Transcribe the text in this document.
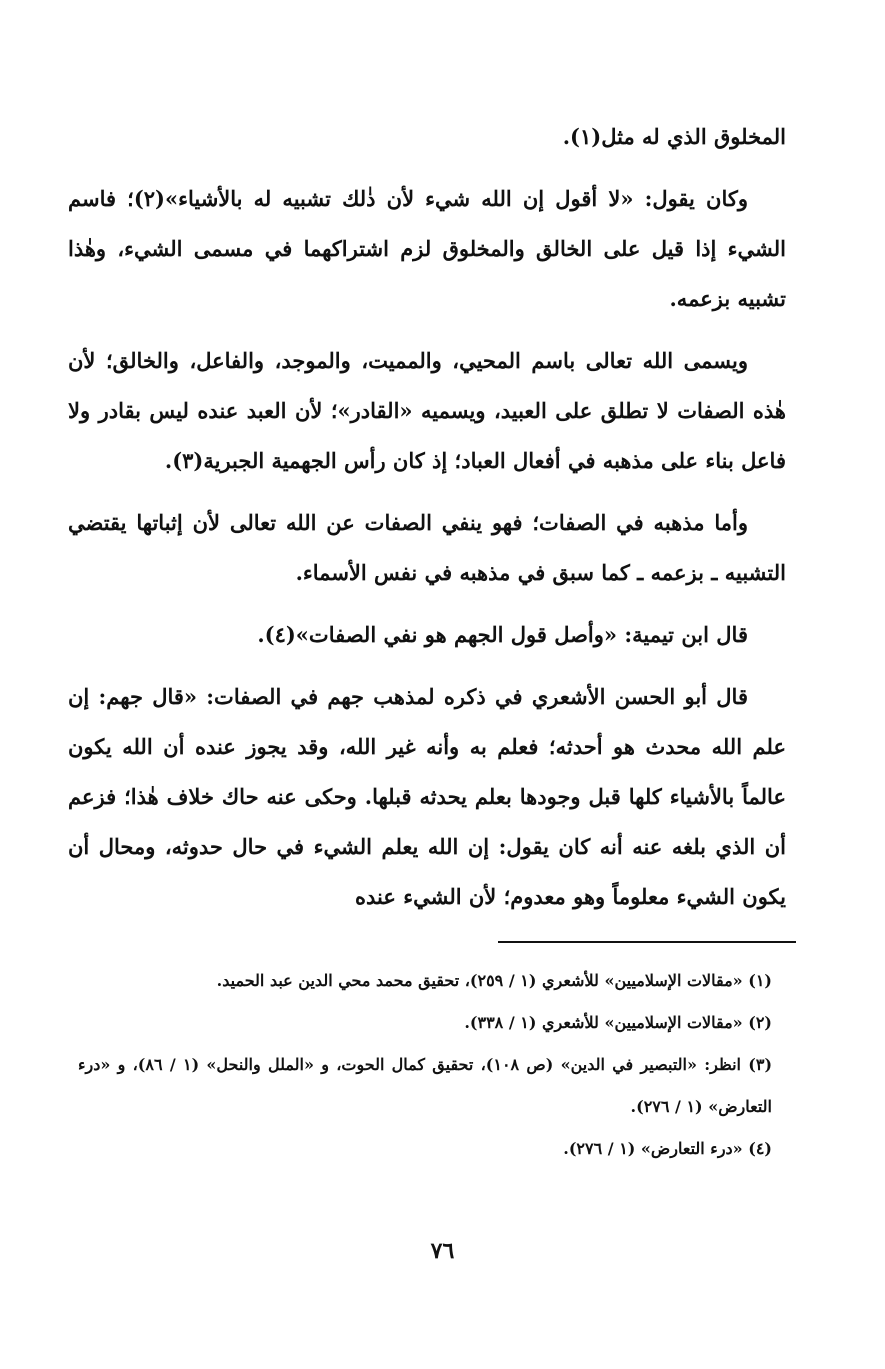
المخلوق الذي له مثل(١).

وكان يقول: «لا أقول إن الله شيء لأن ذٰلك تشبيه له بالأشياء»(٢)؛ فاسم الشيء إذا قيل على الخالق والمخلوق لزم اشتراكهما في مسمى الشيء، وهٰذا تشبيه بزعمه.

ويسمى الله تعالى باسم المحيي، والمميت، والموجد، والفاعل، والخالق؛ لأن هٰذه الصفات لا تطلق على العبيد، ويسميه «القادر»؛ لأن العبد عنده ليس بقادر ولا فاعل بناء على مذهبه في أفعال العباد؛ إذ كان رأس الجهمية الجبرية(٣).

وأما مذهبه في الصفات؛ فهو ينفي الصفات عن الله تعالى لأن إثباتها يقتضي التشبيه ـ بزعمه ـ كما سبق في مذهبه في نفس الأسماء.

قال ابن تيمية: «وأصل قول الجهم هو نفي الصفات»(٤).

قال أبو الحسن الأشعري في ذكره لمذهب جهم في الصفات: «قال جهم: إن علم الله محدث هو أحدثه؛ فعلم به وأنه غير الله، وقد يجوز عنده أن الله يكون عالماً بالأشياء كلها قبل وجودها بعلم يحدثه قبلها. وحكى عنه حاك خلاف هٰذا؛ فزعم أن الذي بلغه عنه أنه كان يقول: إن الله يعلم الشيء في حال حدوثه، ومحال أن يكون الشيء معلوماً وهو معدوم؛ لأن الشيء عنده

(١) «مقالات الإسلاميين» للأشعري (١ / ٢٥٩)، تحقيق محمد محي الدين عبد الحميد.

(٢) «مقالات الإسلاميين» للأشعري (١ / ٣٣٨).

(٣) انظر: «التبصير في الدين» (ص ١٠٨)، تحقيق كمال الحوت، و «الملل والنحل» (١ / ٨٦)، و «درء التعارض» (١ / ٢٧٦).

(٤) «درء التعارض» (١ / ٢٧٦).

٧٦
